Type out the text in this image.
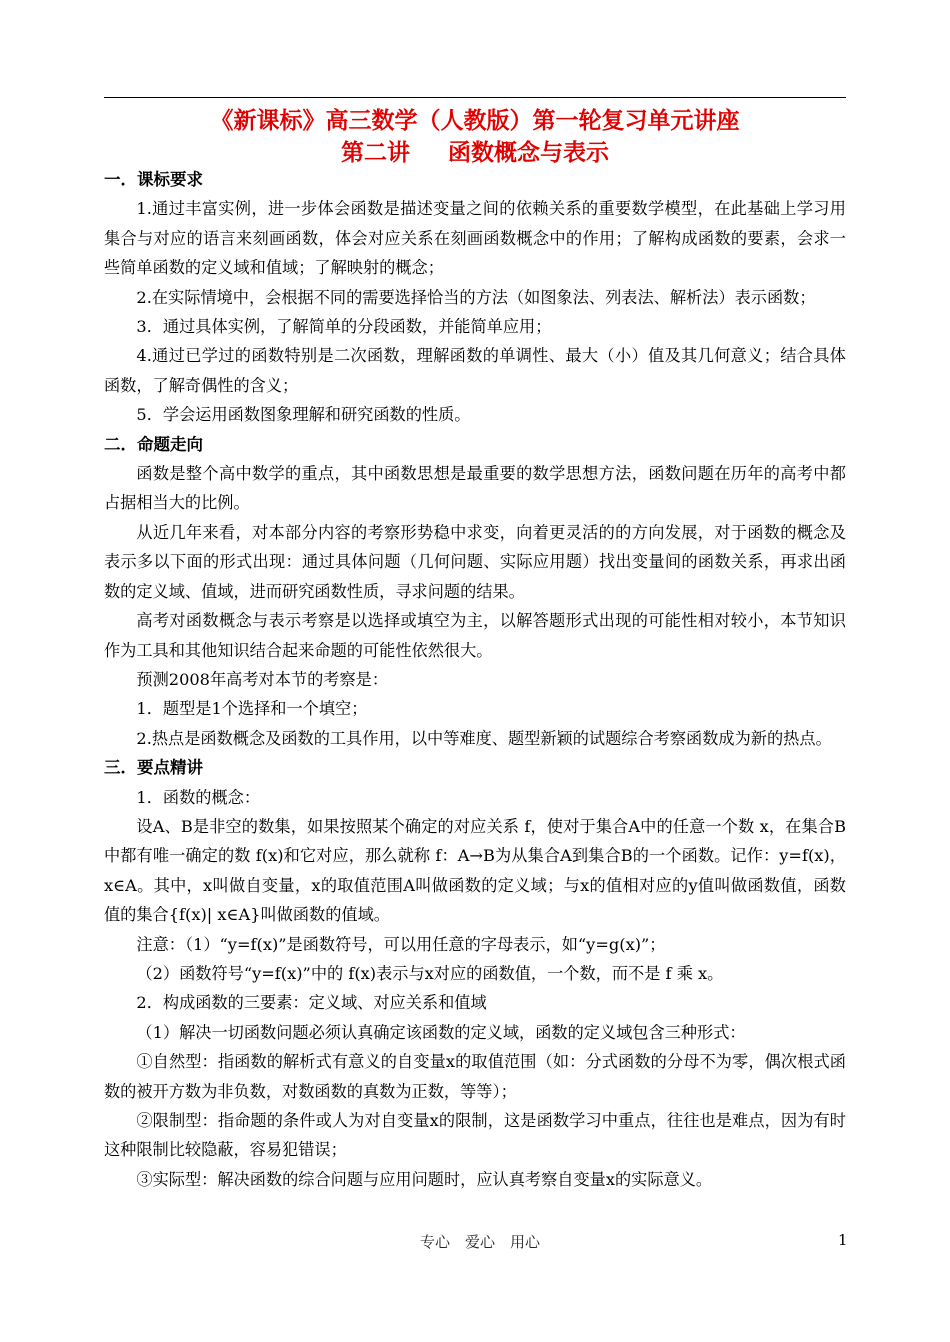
《新课标》高三数学（人教版）第一轮复习单元讲座
第二讲 函数概念与表示
一．课标要求
1.通过丰富实例，进一步体会函数是描述变量之间的依赖关系的重要数学模型，在此基础上学习用集合与对应的语言来刻画函数，体会对应关系在刻画函数概念中的作用；了解构成函数的要素，会求一些简单函数的定义域和值域；了解映射的概念；
2.在实际情境中，会根据不同的需要选择恰当的方法（如图象法、列表法、解析法）表示函数；
3．通过具体实例，了解简单的分段函数，并能简单应用；
4.通过已学过的函数特别是二次函数，理解函数的单调性、最大（小）值及其几何意义；结合具体函数，了解奇偶性的含义；
5．学会运用函数图象理解和研究函数的性质。
二．命题走向
函数是整个高中数学的重点，其中函数思想是最重要的数学思想方法，函数问题在历年的高考中都占据相当大的比例。
从近几年来看，对本部分内容的考察形势稳中求变，向着更灵活的的方向发展，对于函数的概念及表示多以下面的形式出现：通过具体问题（几何问题、实际应用题）找出变量间的函数关系，再求出函数的定义域、值域，进而研究函数性质，寻求问题的结果。
高考对函数概念与表示考察是以选择或填空为主，以解答题形式出现的可能性相对较小，本节知识作为工具和其他知识结合起来命题的可能性依然很大。
预测2008年高考对本节的考察是：
1．题型是1个选择和一个填空；
2.热点是函数概念及函数的工具作用，以中等难度、题型新颖的试题综合考察函数成为新的热点。
三．要点精讲
1．函数的概念：
设A、B是非空的数集，如果按照某个确定的对应关系 f，使对于集合A中的任意一个数 x，在集合B中都有唯一确定的数 f(x)和它对应，那么就称 f：A→B为从集合A到集合B的一个函数。记作：y=f(x)，x∈A。其中，x叫做自变量，x的取值范围A叫做函数的定义域；与x的值相对应的y值叫做函数值，函数值的集合{f(x)| x∈A}叫做函数的值域。
注意：（1）“y=f(x)”是函数符号，可以用任意的字母表示，如“y=g(x)”；
（2）函数符号“y=f(x)”中的 f(x)表示与x对应的函数值，一个数，而不是 f 乘 x。
2．构成函数的三要素：定义域、对应关系和值域
（1）解决一切函数问题必须认真确定该函数的定义域，函数的定义域包含三种形式：
①自然型：指函数的解析式有意义的自变量x的取值范围（如：分式函数的分母不为零，偶次根式函数的被开方数为非负数，对数函数的真数为正数，等等）；
②限制型：指命题的条件或人为对自变量x的限制，这是函数学习中重点，往往也是难点，因为有时这种限制比较隐蔽，容易犯错误；
③实际型：解决函数的综合问题与应用问题时，应认真考察自变量x的实际意义。
专心　爱心　用心	1
